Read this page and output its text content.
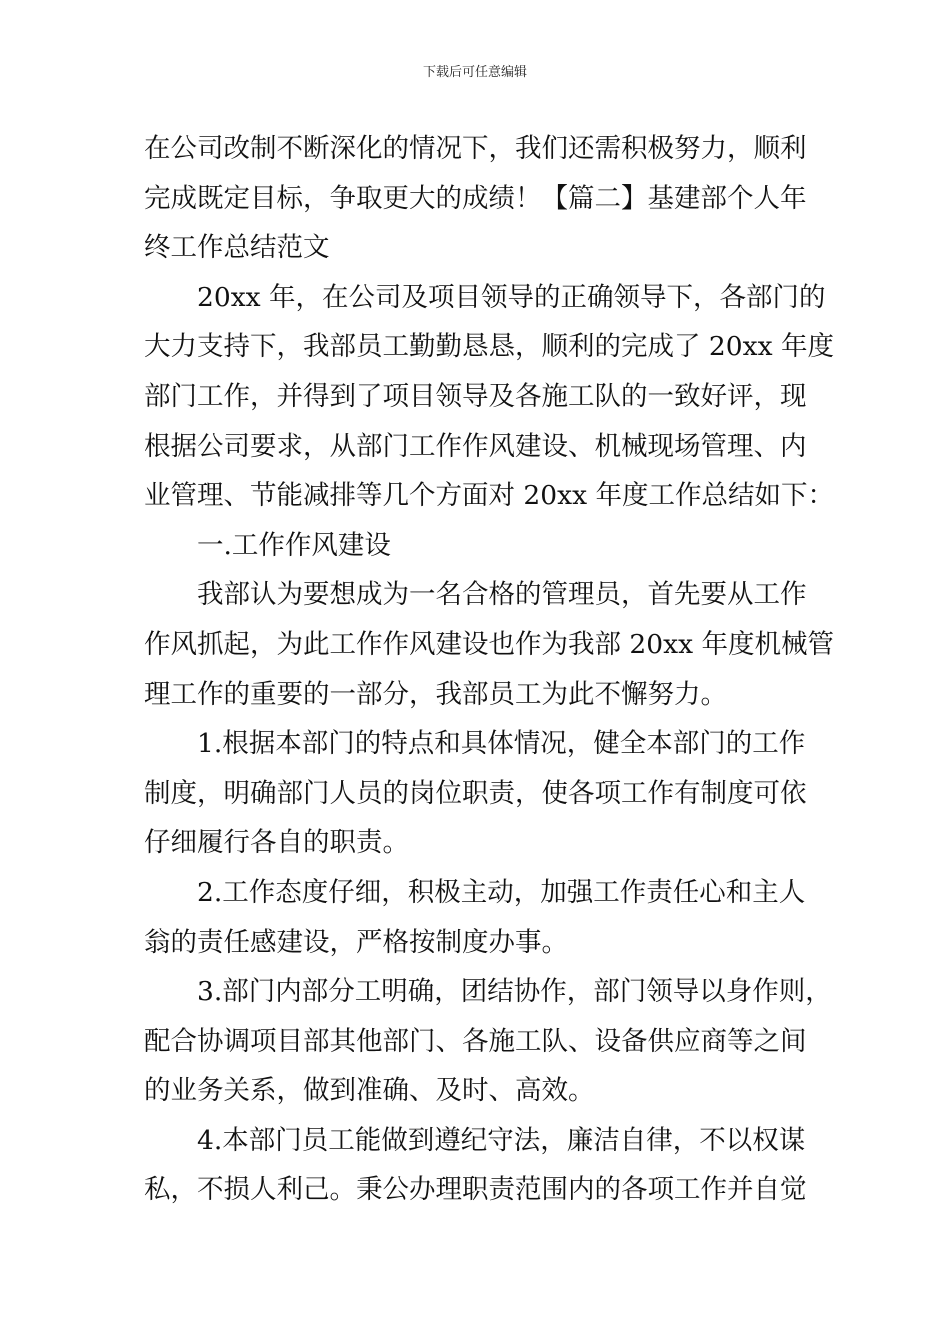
下载后可任意编辑
在公司改制不断深化的情况下，我们还需积极努力，顺利
完成既定目标，争取更大的成绩！【篇二】基建部个人年
终工作总结范文
20xx 年，在公司及项目领导的正确领导下，各部门的
大力支持下，我部员工勤勤恳恳，顺利的完成了 20xx 年度
部门工作，并得到了项目领导及各施工队的一致好评，现
根据公司要求，从部门工作作风建设、机械现场管理、内
业管理、节能减排等几个方面对 20xx 年度工作总结如下：
一.工作作风建设
我部认为要想成为一名合格的管理员，首先要从工作
作风抓起，为此工作作风建设也作为我部 20xx 年度机械管
理工作的重要的一部分，我部员工为此不懈努力。
1.根据本部门的特点和具体情况，健全本部门的工作
制度，明确部门人员的岗位职责，使各项工作有制度可依
仔细履行各自的职责。
2.工作态度仔细，积极主动，加强工作责任心和主人
翁的责任感建设，严格按制度办事。
3.部门内部分工明确，团结协作，部门领导以身作则，
配合协调项目部其他部门、各施工队、设备供应商等之间
的业务关系，做到准确、及时、高效。
4.本部门员工能做到遵纪守法，廉洁自律，不以权谋
私，不损人利己。秉公办理职责范围内的各项工作并自觉
